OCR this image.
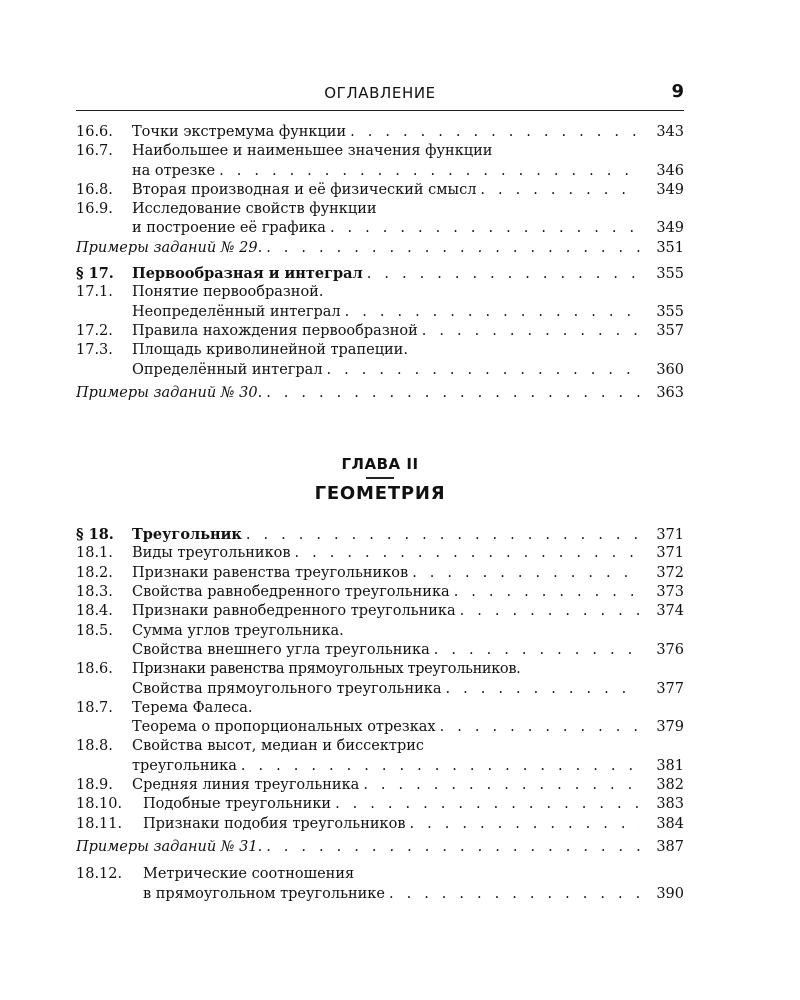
ОГЛАВЛЕНИЕ	9
16.6.	Точки экстремума функции . . .	343
16.7.	Наибольшее и наименьшее значения функции
на отрезке . . .	346
16.8.	Вторая производная и её физический смысл . . .	349
16.9.	Исследование свойств функции
и построение её графика . . .	349
Примеры заданий № 29. . . .	351
§ 17.	Первообразная и интеграл . . .	355
17.1.	Понятие первообразной.
Неопределённый интеграл . . .	355
17.2.	Правила нахождения первообразной . . .	357
17.3.	Площадь криволинейной трапеции.
Определённый интеграл . . .	360
Примеры заданий № 30. . . .	363
ГЛАВА II
ГЕОМЕТРИЯ
§ 18.	Треугольник . . .	371
18.1.	Виды треугольников . . .	371
18.2.	Признаки равенства треугольников . . .	372
18.3.	Свойства равнобедренного треугольника . . .	373
18.4.	Признаки равнобедренного треугольника . . .	374
18.5.	Сумма углов треугольника.
Свойства внешнего угла треугольника . . .	376
18.6.	Признаки равенства прямоугольных треугольников.
Свойства прямоугольного треугольника . . .	377
18.7.	Терема Фалеса.
Теорема о пропорциональных отрезках . . .	379
18.8.	Свойства высот, медиан и биссектрис
треугольника . . .	381
18.9.	Средняя линия треугольника . . .	382
18.10.	Подобные треугольники . . .	383
18.11.	Признаки подобия треугольников . . .	384
Примеры заданий № 31. . . .	387
18.12.	Метрические соотношения
в прямоугольном треугольнике . . .	390
